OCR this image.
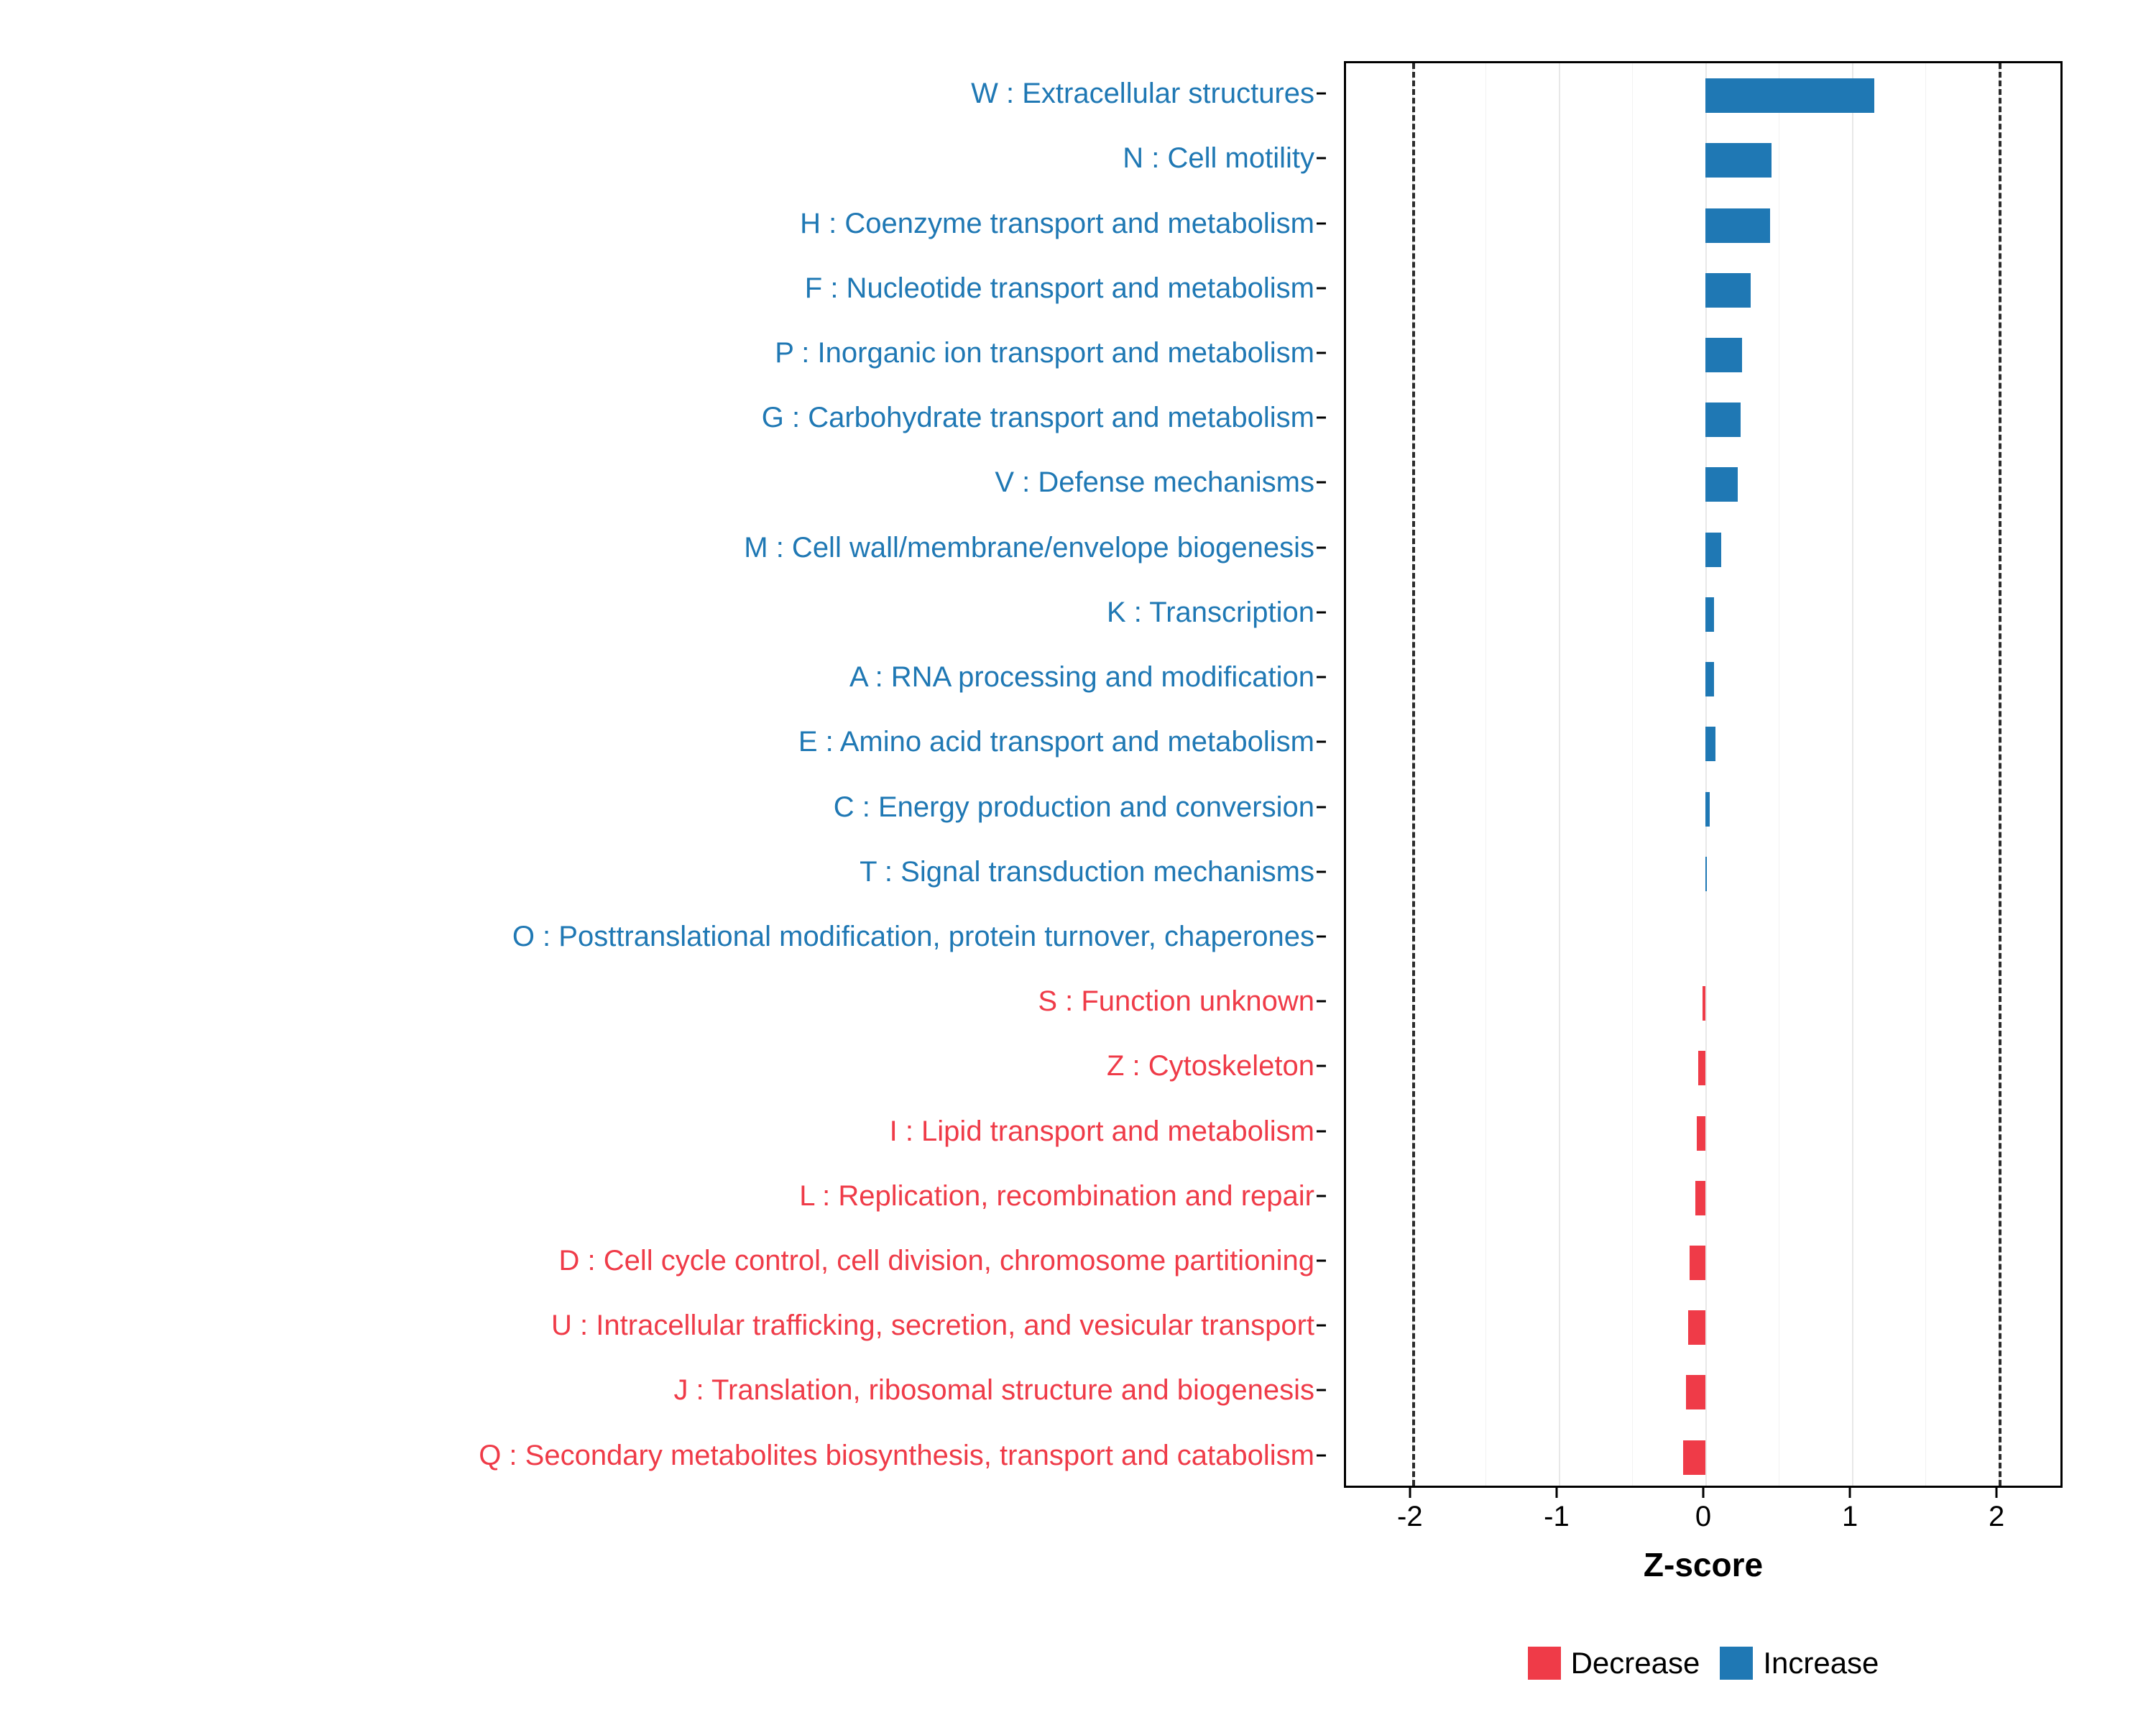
W : Extracellular structures
N : Cell motility
H : Coenzyme transport and metabolism
F : Nucleotide transport and metabolism
P : Inorganic ion transport and metabolism
G : Carbohydrate transport and metabolism
V : Defense mechanisms
M : Cell wall/membrane/envelope biogenesis
K : Transcription
A : RNA processing and modification
E : Amino acid transport and metabolism
C : Energy production and conversion
T : Signal transduction mechanisms
O : Posttranslational modification, protein turnover, chaperones
S : Function unknown
Z : Cytoskeleton
I : Lipid transport and metabolism
L : Replication, recombination and repair
D : Cell cycle control, cell division, chromosome partitioning
U : Intracellular trafficking, secretion, and vesicular transport
J : Translation, ribosomal structure and biogenesis
Q : Secondary metabolites biosynthesis, transport and catabolism
-2	-1	0	1	2
Z-score
Decrease Increase
